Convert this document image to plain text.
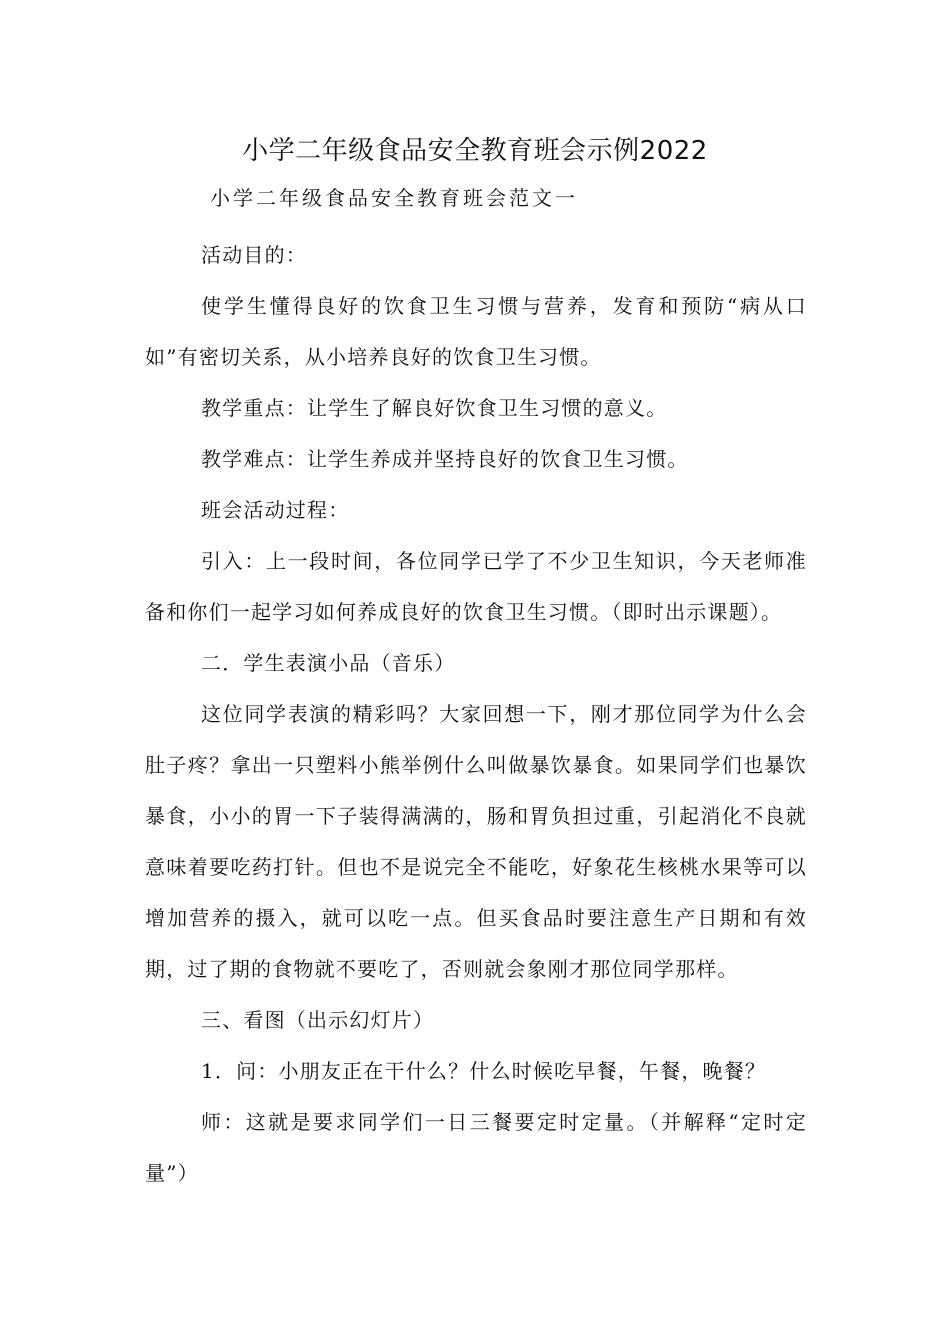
小学二年级食品安全教育班会示例2022

小学二年级食品安全教育班会范文一

活动目的：

使学生懂得良好的饮食卫生习惯与营养，发育和预防“病从口如”有密切关系，从小培养良好的饮食卫生习惯。

教学重点：让学生了解良好饮食卫生习惯的意义。

教学难点：让学生养成并坚持良好的饮食卫生习惯。

班会活动过程：

引入：上一段时间，各位同学已学了不少卫生知识，今天老师准备和你们一起学习如何养成良好的饮食卫生习惯。（即时出示课题）。

二．学生表演小品（音乐）

这位同学表演的精彩吗？大家回想一下，刚才那位同学为什么会肚子疼？拿出一只塑料小熊举例什么叫做暴饮暴食。如果同学们也暴饮暴食，小小的胃一下子装得满满的，肠和胃负担过重，引起消化不良就意味着要吃药打针。但也不是说完全不能吃，好象花生核桃水果等可以增加营养的摄入，就可以吃一点。但买食品时要注意生产日期和有效期，过了期的食物就不要吃了，否则就会象刚才那位同学那样。

三、看图（出示幻灯片）

1．问：小朋友正在干什么？什么时候吃早餐，午餐，晚餐？

师：这就是要求同学们一日三餐要定时定量。（并解释“定时定量”）
